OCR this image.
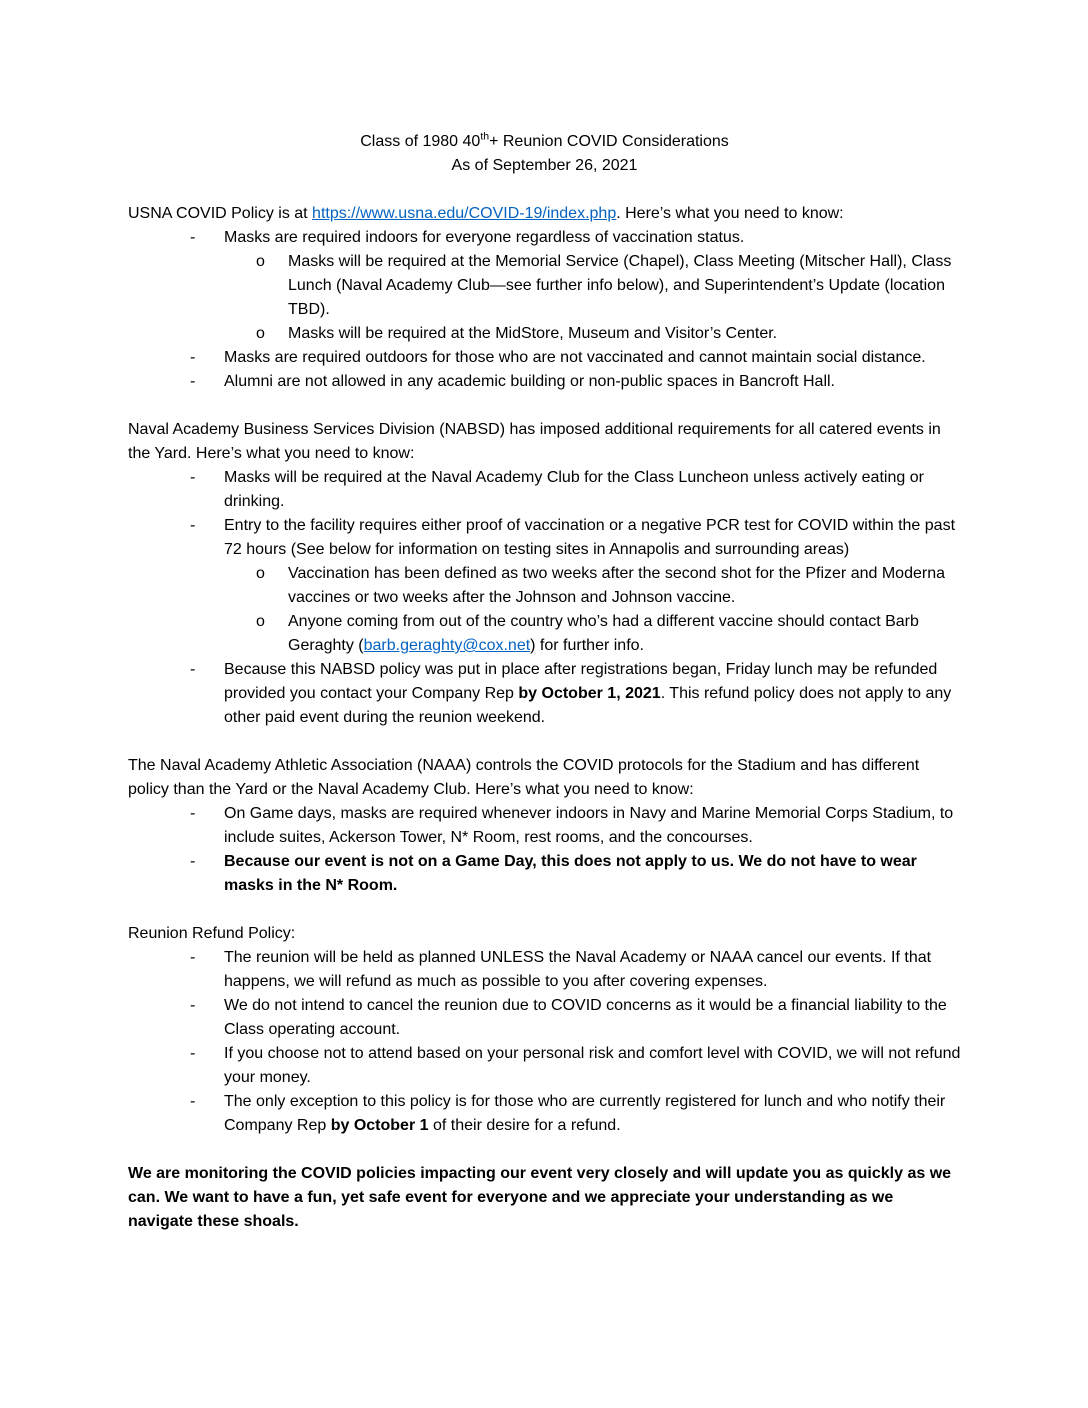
Class of 1980 40th+ Reunion COVID Considerations
As of September 26, 2021
USNA COVID Policy is at https://www.usna.edu/COVID-19/index.php. Here’s what you need to know:
- Masks are required indoors for everyone regardless of vaccination status.
o Masks will be required at the Memorial Service (Chapel), Class Meeting (Mitscher Hall), Class Lunch (Naval Academy Club—see further info below), and Superintendent’s Update (location TBD).
o Masks will be required at the MidStore, Museum and Visitor’s Center.
- Masks are required outdoors for those who are not vaccinated and cannot maintain social distance.
- Alumni are not allowed in any academic building or non-public spaces in Bancroft Hall.
Naval Academy Business Services Division (NABSD) has imposed additional requirements for all catered events in the Yard. Here’s what you need to know:
- Masks will be required at the Naval Academy Club for the Class Luncheon unless actively eating or drinking.
- Entry to the facility requires either proof of vaccination or a negative PCR test for COVID within the past 72 hours (See below for information on testing sites in Annapolis and surrounding areas)
o Vaccination has been defined as two weeks after the second shot for the Pfizer and Moderna vaccines or two weeks after the Johnson and Johnson vaccine.
o Anyone coming from out of the country who’s had a different vaccine should contact Barb Geraghty (barb.geraghty@cox.net) for further info.
- Because this NABSD policy was put in place after registrations began, Friday lunch may be refunded provided you contact your Company Rep by October 1, 2021. This refund policy does not apply to any other paid event during the reunion weekend.
The Naval Academy Athletic Association (NAAA) controls the COVID protocols for the Stadium and has different policy than the Yard or the Naval Academy Club. Here’s what you need to know:
- On Game days, masks are required whenever indoors in Navy and Marine Memorial Corps Stadium, to include suites, Ackerson Tower, N* Room, rest rooms, and the concourses.
- Because our event is not on a Game Day, this does not apply to us. We do not have to wear masks in the N* Room.
Reunion Refund Policy:
- The reunion will be held as planned UNLESS the Naval Academy or NAAA cancel our events. If that happens, we will refund as much as possible to you after covering expenses.
- We do not intend to cancel the reunion due to COVID concerns as it would be a financial liability to the Class operating account.
- If you choose not to attend based on your personal risk and comfort level with COVID, we will not refund your money.
- The only exception to this policy is for those who are currently registered for lunch and who notify their Company Rep by October 1 of their desire for a refund.
We are monitoring the COVID policies impacting our event very closely and will update you as quickly as we can. We want to have a fun, yet safe event for everyone and we appreciate your understanding as we navigate these shoals.
